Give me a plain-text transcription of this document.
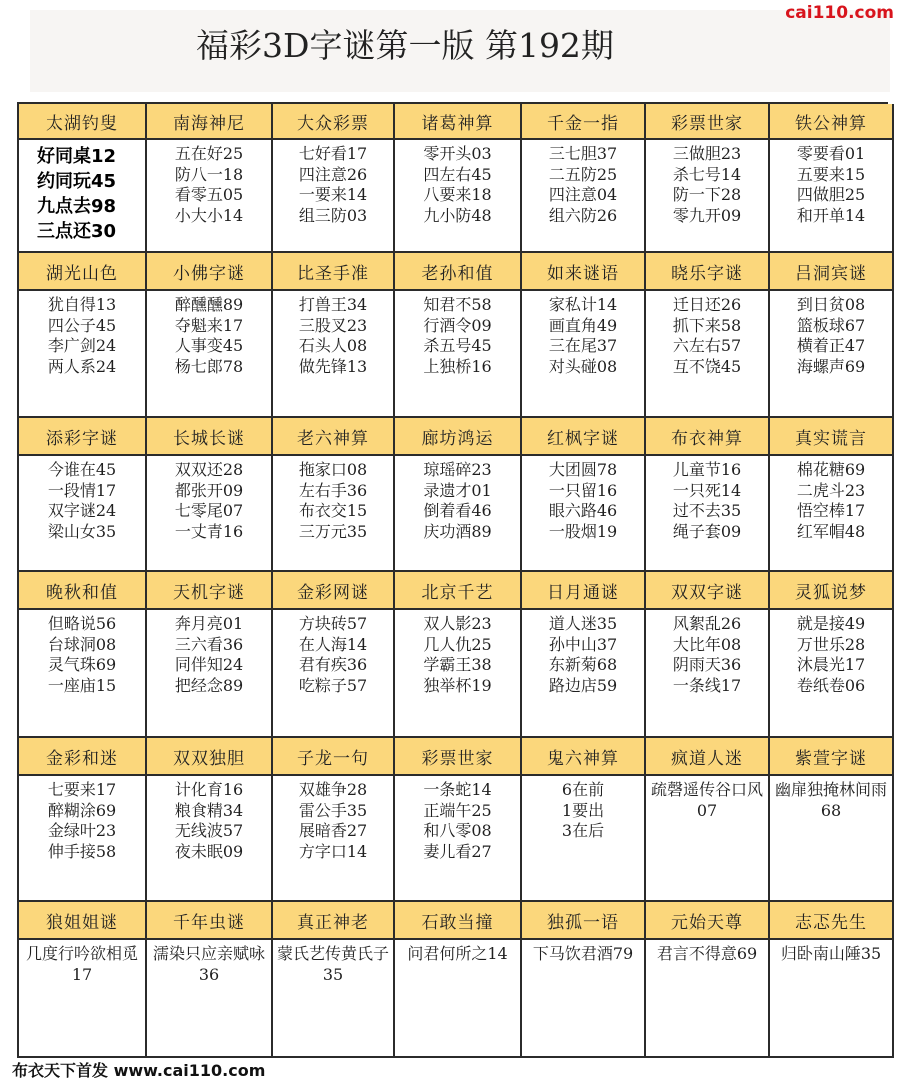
福彩3D字谜第一版 第192期
cai110.com
太湖钓叟
好同桌12
约同玩45
九点去98
三点还30
南海神尼
五在好25
防八一18
看零五05
小大小14
大众彩票
七好看17
四注意26
一要来14
组三防03
诸葛神算
零开头03
四左右45
八要来18
九小防48
千金一指
三七胆37
二五防25
四注意04
组六防26
彩票世家
三做胆23
杀七号14
防一下28
零九开09
铁公神算
零要看01
五要来15
四做胆25
和开单14
湖光山色
犹自得13
四公子45
李广剑24
两人系24
小佛字谜
醉醺醺89
夺魁来17
人事变45
杨七郎78
比圣手准
打兽王34
三股叉23
石头人08
做先锋13
老孙和值
知君不58
行酒令09
杀五号45
上独桥16
如来谜语
家私计14
画直角49
三在尾37
对头碰08
晓乐字谜
迁日还26
抓下来58
六左右57
互不饶45
吕洞宾谜
到日贫08
篮板球67
横着正47
海螺声69
添彩字谜
今谁在45
一段情17
双字谜24
梁山女35
长城长谜
双双还28
都张开09
七零尾07
一丈青16
老六神算
拖家口08
左右手36
布衣交15
三万元35
廊坊鸿运
琼瑶碎23
录遗才01
倒着看46
庆功酒89
红枫字谜
大团圆78
一只留16
眼六路46
一股烟19
布衣神算
儿童节16
一只死14
过不去35
绳子套09
真实谎言
棉花糖69
二虎斗23
悟空棒17
红军帽48
晚秋和值
但略说56
台球洞08
灵气珠69
一座庙15
天机字谜
奔月亮01
三六看36
同伴知24
把经念89
金彩网谜
方块砖57
在人海14
君有疾36
吃粽子57
北京千艺
双人影23
几人仇25
学霸王38
独举杯19
日月通谜
道人迷35
孙中山37
东新菊68
路边店59
双双字谜
风絮乱26
大比年08
阴雨天36
一条线17
灵狐说梦
就是接49
万世乐28
沐晨光17
卷纸卷06
金彩和迷
七要来17
醉糊涂69
金绿叶23
伸手接58
双双独胆
计化育16
粮食精34
无线波57
夜未眠09
子龙一句
双雄争28
雷公手35
展暗香27
方字口14
彩票世家
一条蛇14
正端午25
和八零08
妻儿看27
鬼六神算
6在前
1要出
3在后
疯道人迷
疏磬遥传谷口风07
紫萱字谜
幽扉独掩林间雨68
狼姐姐谜
几度行吟欲相觅17
千年虫谜
濡染只应亲赋咏36
真正神老
蒙氏艺传黄氏子35
石敢当撞
问君何所之14
独孤一语
下马饮君酒79
元始天尊
君言不得意69
志忑先生
归卧南山陲35
布衣天下首发 www.cai110.com
